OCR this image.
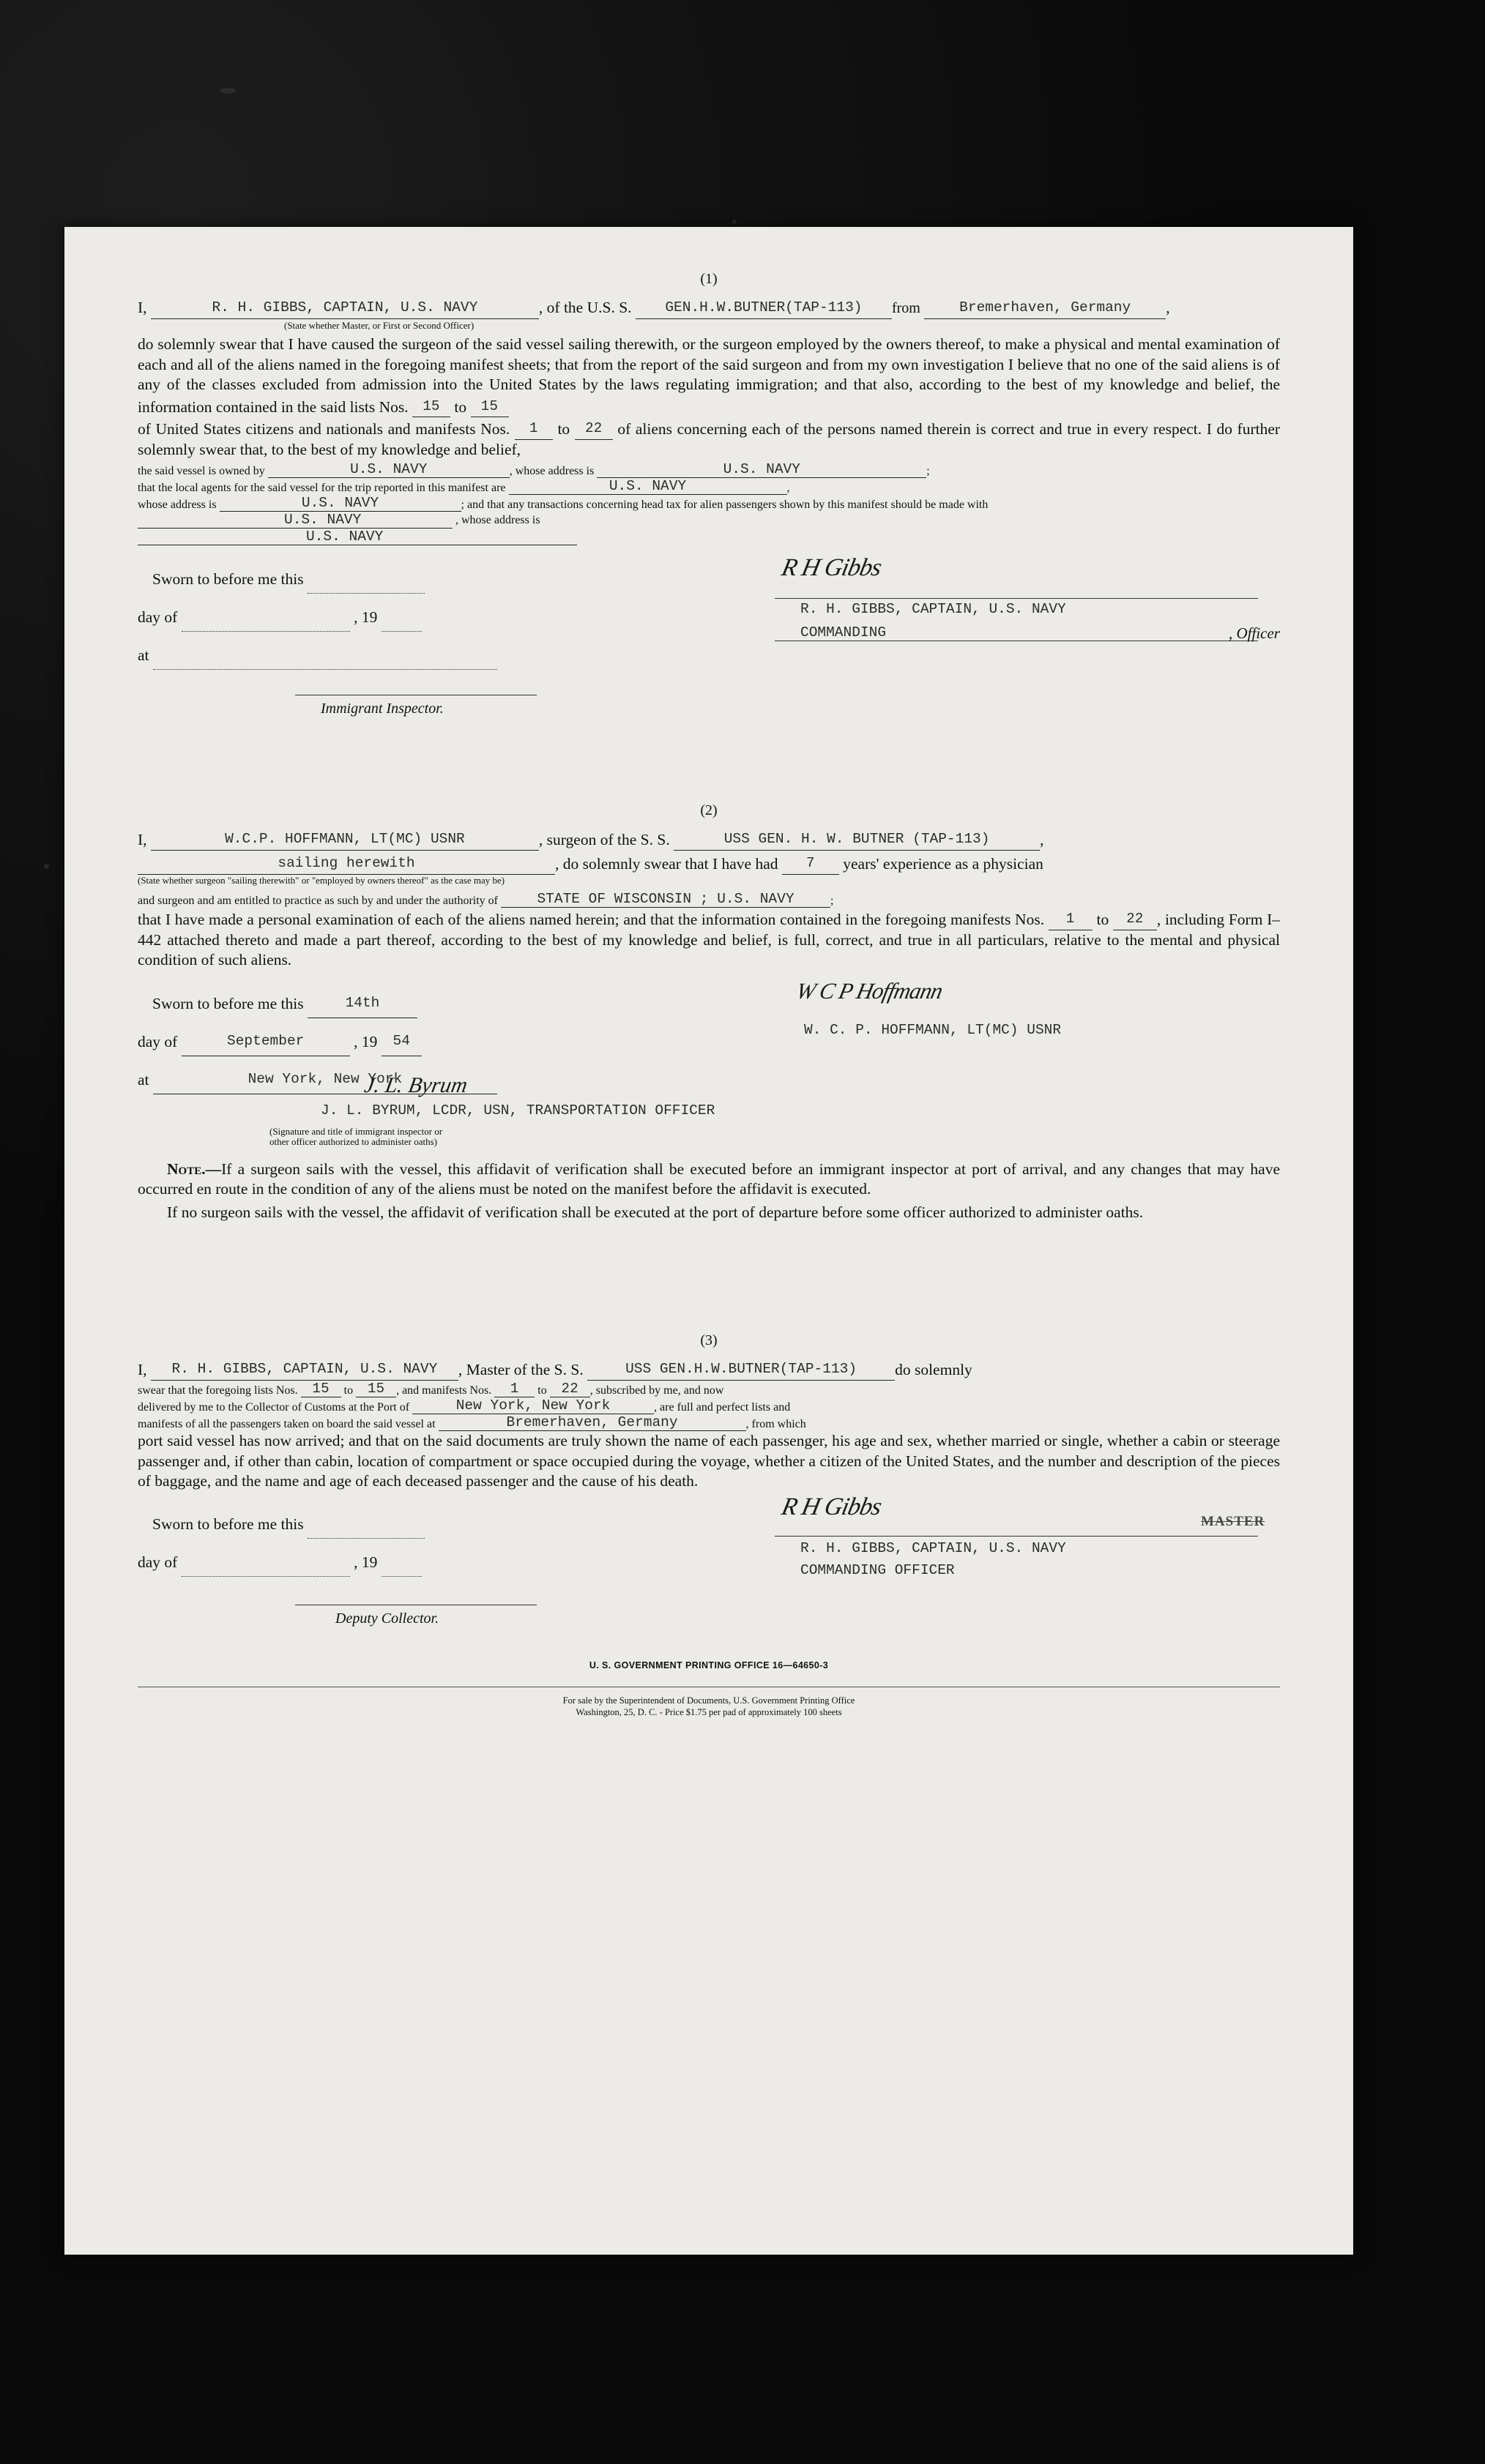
(1)
I,	R. H. GIBBS, CAPTAIN, U.S. NAVY	, of the U.S. S. GEN.H.W.BUTNER(TAP-113) from	Bremerhaven, Germany ,
(State whether Master, or First or Second Officer)

do solemnly swear that I have caused the surgeon of the said vessel sailing therewith, or the surgeon employed by the owners thereof, to make a physical and mental examination of each and all of the aliens named in the foregoing manifest sheets; that from the report of the said surgeon and from my own investigation I believe that no one of the said aliens is of any of the classes excluded from admission into the United States by the laws regulating immigration; and that also, according to the best of my knowledge and belief, the information contained in the said lists Nos. 15 to 15

of United States citizens and nationals and manifests Nos. 1 to 22 of aliens concerning each of the persons named therein is correct and true in every respect. I do further solemnly swear that, to the best of my knowledge and belief,

the said vessel is owned by	U.S. NAVY	, whose address is	U.S. NAVY	;
that the local agents for the said vessel for the trip reported in this manifest are	U.S. NAVY	,
whose address is	U.S. NAVY	; and that any transactions concerning head tax for alien passengers shown by this manifest should be made with
U.S. NAVY	, whose address is
U.S. NAVY
Sworn to before me this
day of	, 19
at
Immigrant Inspector.
R H Gibbs
R. H. GIBBS, CAPTAIN, U.S. NAVY
COMMANDING	, Officer
(2)
I,	W.C.P. HOFFMANN, LT(MC) USNR	, surgeon of the S. S.	USS GEN. H. W. BUTNER (TAP-113)	,
sailing herewith	, do solemnly swear that I have had 7 years' experience as a physician
(State whether surgeon "sailing therewith" or "employed by owners thereof" as the case may be)
and surgeon and am entitled to practice as such by and under the authority of	STATE OF WISCONSIN ; U.S. NAVY	;

that I have made a personal examination of each of the aliens named herein; and that the information contained in the foregoing manifests Nos. 1 to 22 , including Form I–442 attached thereto and made a part thereof, according to the best of my knowledge and belief, is full, correct, and true in all particulars, relative to the mental and physical condition of such aliens.

Sworn to before me this	14th
day of	September	, 19 54
at	New York, New York
J. L. Byrum
J. L. BYRUM, LCDR, USN, TRANSPORTATION OFFICER
(Signature and title of immigrant inspector or
other officer authorized to administer oaths)
W C P Hoffmann
W. C. P. HOFFMANN, LT(MC) USNR

Note.—If a surgeon sails with the vessel, this affidavit of verification shall be executed before an immigrant inspector at port of arrival, and any changes that may have occurred en route in the condition of any of the aliens must be noted on the manifest before the affidavit is executed.

If no surgeon sails with the vessel, the affidavit of verification shall be executed at the port of departure before some officer authorized to administer oaths.

(3)
I, R. H. GIBBS, CAPTAIN, U.S. NAVY , Master of the S. S.	USS GEN.H.W.BUTNER(TAP-113) do solemnly
swear that the foregoing lists Nos. 15 to 15 , and manifests Nos. 1 to 22 , subscribed by me, and now
delivered by me to the Collector of Customs at the Port of	New York, New York	, are full and perfect lists and
manifests of all the passengers taken on board the said vessel at	Bremerhaven, Germany	, from which

port said vessel has now arrived; and that on the said documents are truly shown the name of each passenger, his age and sex, whether married or single, whether a cabin or steerage passenger and, if other than cabin, location of compartment or space occupied during the voyage, whether a citizen of the United States, and the number and description of the pieces of baggage, and the name and age of each deceased passenger and the cause of his death.

Sworn to before me this
day of	, 19
Deputy Collector.
R H Gibbs
R. H. GIBBS, CAPTAIN, U.S. NAVY
COMMANDING OFFICER
MASTER
U. S. GOVERNMENT PRINTING OFFICE 16—64650-3
For sale by the Superintendent of Documents, U.S. Government Printing Office
Washington, 25, D. C. - Price $1.75 per pad of approximately 100 sheets
